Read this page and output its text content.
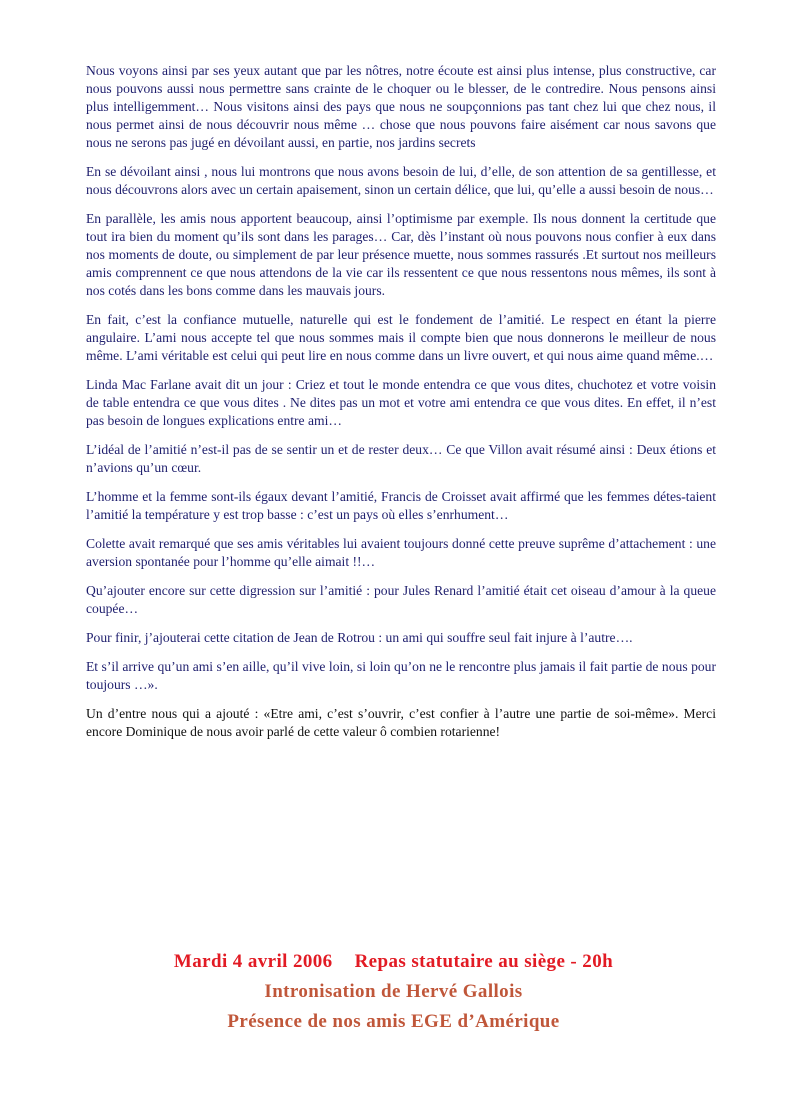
Nous voyons ainsi par ses yeux autant que par les nôtres, notre écoute est ainsi plus intense, plus constructive, car nous pouvons aussi nous permettre sans crainte de le choquer ou le blesser, de le contredire. Nous pensons ainsi plus intelligemment… Nous visitons ainsi des pays que nous ne soupçonnions pas tant chez lui que chez nous, il nous permet ainsi de nous découvrir nous même … chose que nous pouvons faire aisément car nous savons que nous ne serons pas jugé en dévoilant aussi, en partie, nos jardins secrets

En se dévoilant ainsi , nous lui montrons que nous avons besoin de lui, d’elle, de son attention de sa gentillesse, et nous découvrons alors avec un certain apaisement, sinon un certain délice, que lui, qu’elle a aussi besoin de nous…

En parallèle, les amis nous apportent beaucoup, ainsi l’optimisme par exemple. Ils nous donnent la certitude que tout ira bien du moment qu’ils sont dans les parages… Car, dès l’instant où nous pouvons nous confier à eux dans nos moments de doute, ou simplement de par leur présence muette, nous sommes rassurés .Et surtout nos meilleurs amis comprennent ce que nous attendons de la vie car ils ressentent ce que nous ressentons nous mêmes, ils sont à nos cotés dans les bons comme dans les mauvais jours.

En fait, c’est la confiance mutuelle, naturelle qui est le fondement de l’amitié. Le respect en étant la pierre angulaire. L’ami nous accepte tel que nous sommes mais il compte bien que nous donnerons le meilleur de nous même. L’ami véritable est celui qui peut lire en nous comme dans un livre ouvert, et qui nous aime quand même.…

Linda Mac Farlane avait dit un jour : Criez et tout le monde entendra ce que vous dites, chuchotez et votre voisin de table entendra ce que vous dites . Ne dites pas un mot et votre ami entendra ce que vous dites. En effet, il n’est pas besoin de longues explications entre ami…

L’idéal de l’amitié n’est-il pas de se sentir un et de rester deux… Ce que Villon avait résumé ainsi : Deux étions et n’avions qu’un cœur.

L’homme et la femme sont-ils égaux devant l’amitié, Francis de Croisset avait affirmé que les femmes détes-taient l’amitié la température y est trop basse : c’est un pays où elles s’enrhument…

Colette avait remarqué que ses amis véritables lui avaient toujours donné cette preuve suprême d’attachement : une aversion spontanée pour l’homme qu’elle aimait !!…

Qu’ajouter encore sur cette digression sur l’amitié : pour Jules Renard l’amitié était cet oiseau d’amour à la queue coupée…

Pour finir, j’ajouterai cette citation de Jean de Rotrou : un ami qui souffre seul fait injure à l’autre….

Et s’il arrive qu’un ami s’en aille, qu’il vive loin, si loin qu’on ne le rencontre plus jamais il fait partie de nous pour toujours …».

Un d’entre nous qui a ajouté : «Etre ami, c’est s’ouvrir, c’est confier à l’autre une partie de soi-même». Merci encore Dominique de nous avoir parlé de cette valeur ô combien rotarienne!

Mardi 4 avril 2006 Repas statutaire au siège - 20h
Intronisation de Hervé Gallois
Présence de nos amis EGE d’Amérique
